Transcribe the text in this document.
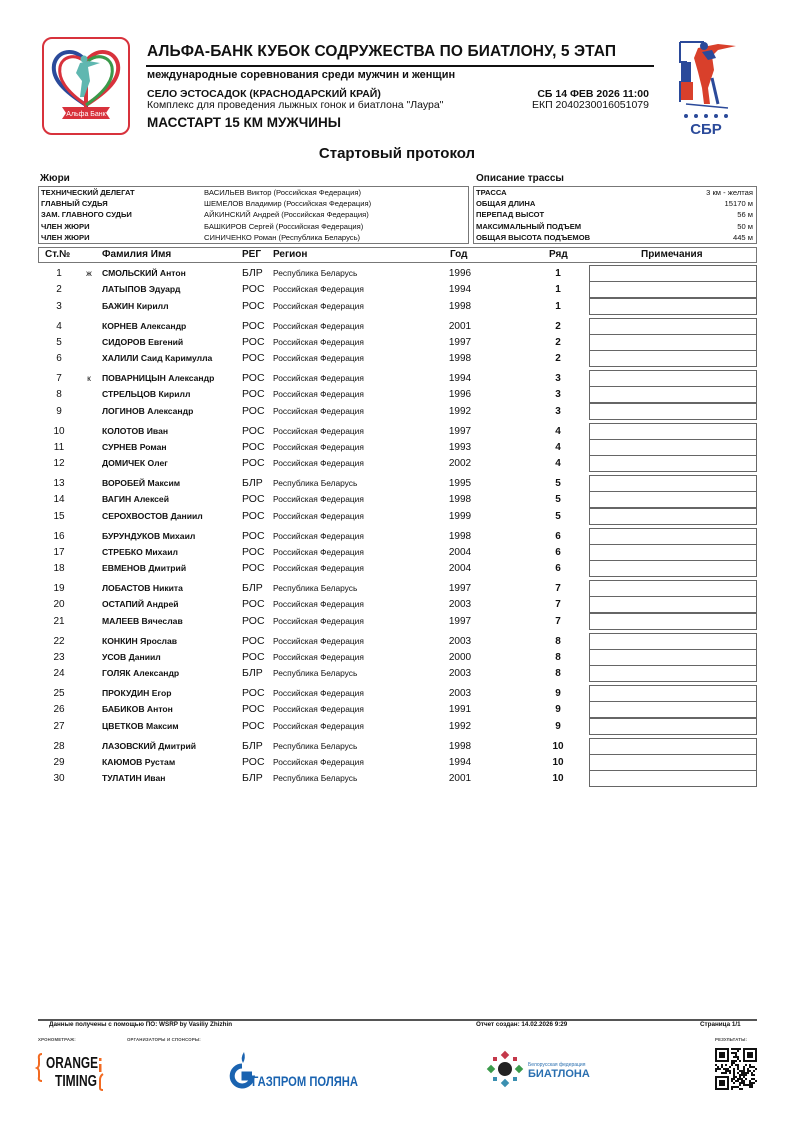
Альфа Банк
АЛЬФА-БАНК КУБОК СОДРУЖЕСТВА ПО БИАТЛОНУ, 5 ЭТАП
международные соревнования среди мужчин и женщин
СЕЛО ЭСТОСАДОК (КРАСНОДАРСКИЙ КРАЙ)
Комплекс для проведения лыжных гонок и биатлона "Лаура"
СБ 14 ФЕВ 2026 11:00
ЕКП 2040230016051079
МАССТАРТ 15 КМ МУЖЧИНЫ	СБР
Стартовый протокол
Жюри
ТЕХНИЧЕСКИЙ ДЕЛЕГАТ	ВАСИЛЬЕВ Виктор (Российская Федерация)
ГЛАВНЫЙ СУДЬЯ	ШЕМЕЛОВ Владимир (Российская Федерация)
ЗАМ. ГЛАВНОГО СУДЬИ	АЙКИНСКИЙ Андрей (Российская Федерация)
ЧЛЕН ЖЮРИ	БАШКИРОВ Сергей (Российская Федерация)
ЧЛЕН ЖЮРИ	СИНИЧЕНКО Роман (Республика Беларусь)
Описание трассы
ТРАССА	3 км - желтая
ОБЩАЯ ДЛИНА	15170 м
ПЕРЕПАД ВЫСОТ	56 м
МАКСИМАЛЬНЫЙ ПОДЪЕМ	50 м
ОБЩАЯ ВЫСОТА ПОДЪЕМОВ	445 м
Ст.№	Фамилия Имя	РЕГ Регион	Год	Ряд	Примечания
1	ж СМОЛЬСКИЙ Антон	БЛР Республика Беларусь	1996	1
2	ЛАТЫПОВ Эдуард	РОС Российская Федерация	1994	1
3	БАЖИН Кирилл	РОС Российская Федерация	1998	1
4	КОРНЕВ Александр	РОС Российская Федерация	2001	2
5	СИДОРОВ Евгений	РОС Российская Федерация	1997	2
6	ХАЛИЛИ Саид Каримулла	РОС Российская Федерация	1998	2
7	к	ПОВАРНИЦЫН Александр	РОС Российская Федерация	1994	3
8	СТРЕЛЬЦОВ Кирилл	РОС Российская Федерация	1996	3
9	ЛОГИНОВ Александр	РОС Российская Федерация	1992	3
10	КОЛОТОВ Иван	РОС Российская Федерация	1997	4
11	СУРНЕВ Роман	РОС Российская Федерация	1993	4
12	ДОМИЧЕК Олег	РОС Российская Федерация	2002	4
13	ВОРОБЕЙ Максим	БЛР Республика Беларусь	1995	5
14	ВАГИН Алексей	РОС Российская Федерация	1998	5
15	СЕРОХВОСТОВ Даниил	РОС Российская Федерация	1999	5
16	БУРУНДУКОВ Михаил	РОС Российская Федерация	1998	6
17	СТРЕБКО Михаил	РОС Российская Федерация	2004	6
18	ЕВМЕНОВ Дмитрий	РОС Российская Федерация	2004	6
19	ЛОБАСТОВ Никита	БЛР Республика Беларусь	1997	7
20	ОСТАПИЙ Андрей	РОС Российская Федерация	2003	7
21	МАЛЕЕВ Вячеслав	РОС Российская Федерация	1997	7
22	КОНКИН Ярослав	РОС Российская Федерация	2003	8
23	УСОВ Даниил	РОС Российская Федерация	2000	8
24	ГОЛЯК Александр	БЛР Республика Беларусь	2003	8
25	ПРОКУДИН Егор	РОС Российская Федерация	2003	9
26	БАБИКОВ Антон	РОС Российская Федерация	1991	9
27	ЦВЕТКОВ Максим	РОС Российская Федерация	1992	9
28	ЛАЗОВСКИЙ Дмитрий	БЛР Республика Беларусь	1998	10
29	КАЮМОВ Рустам	РОС Российская Федерация	1994	10
30	ТУЛАТИН Иван	БЛР Республика Беларусь	2001	10
Данные получены с помощью ПО: WSRP by Vasiliy Zhizhin	Отчет создан: 14.02.2026 9:29	Страница 1/1
ХРОНОМЕТРАЖ:	ОРГАНИЗАТОРЫ И СПОНСОРЫ:	РЕЗУЛЬТАТЫ:
ORANGE
TIMING	ГАЗПРОМ ПОЛЯНА
Белорусская федерация
БИАТЛОНА
